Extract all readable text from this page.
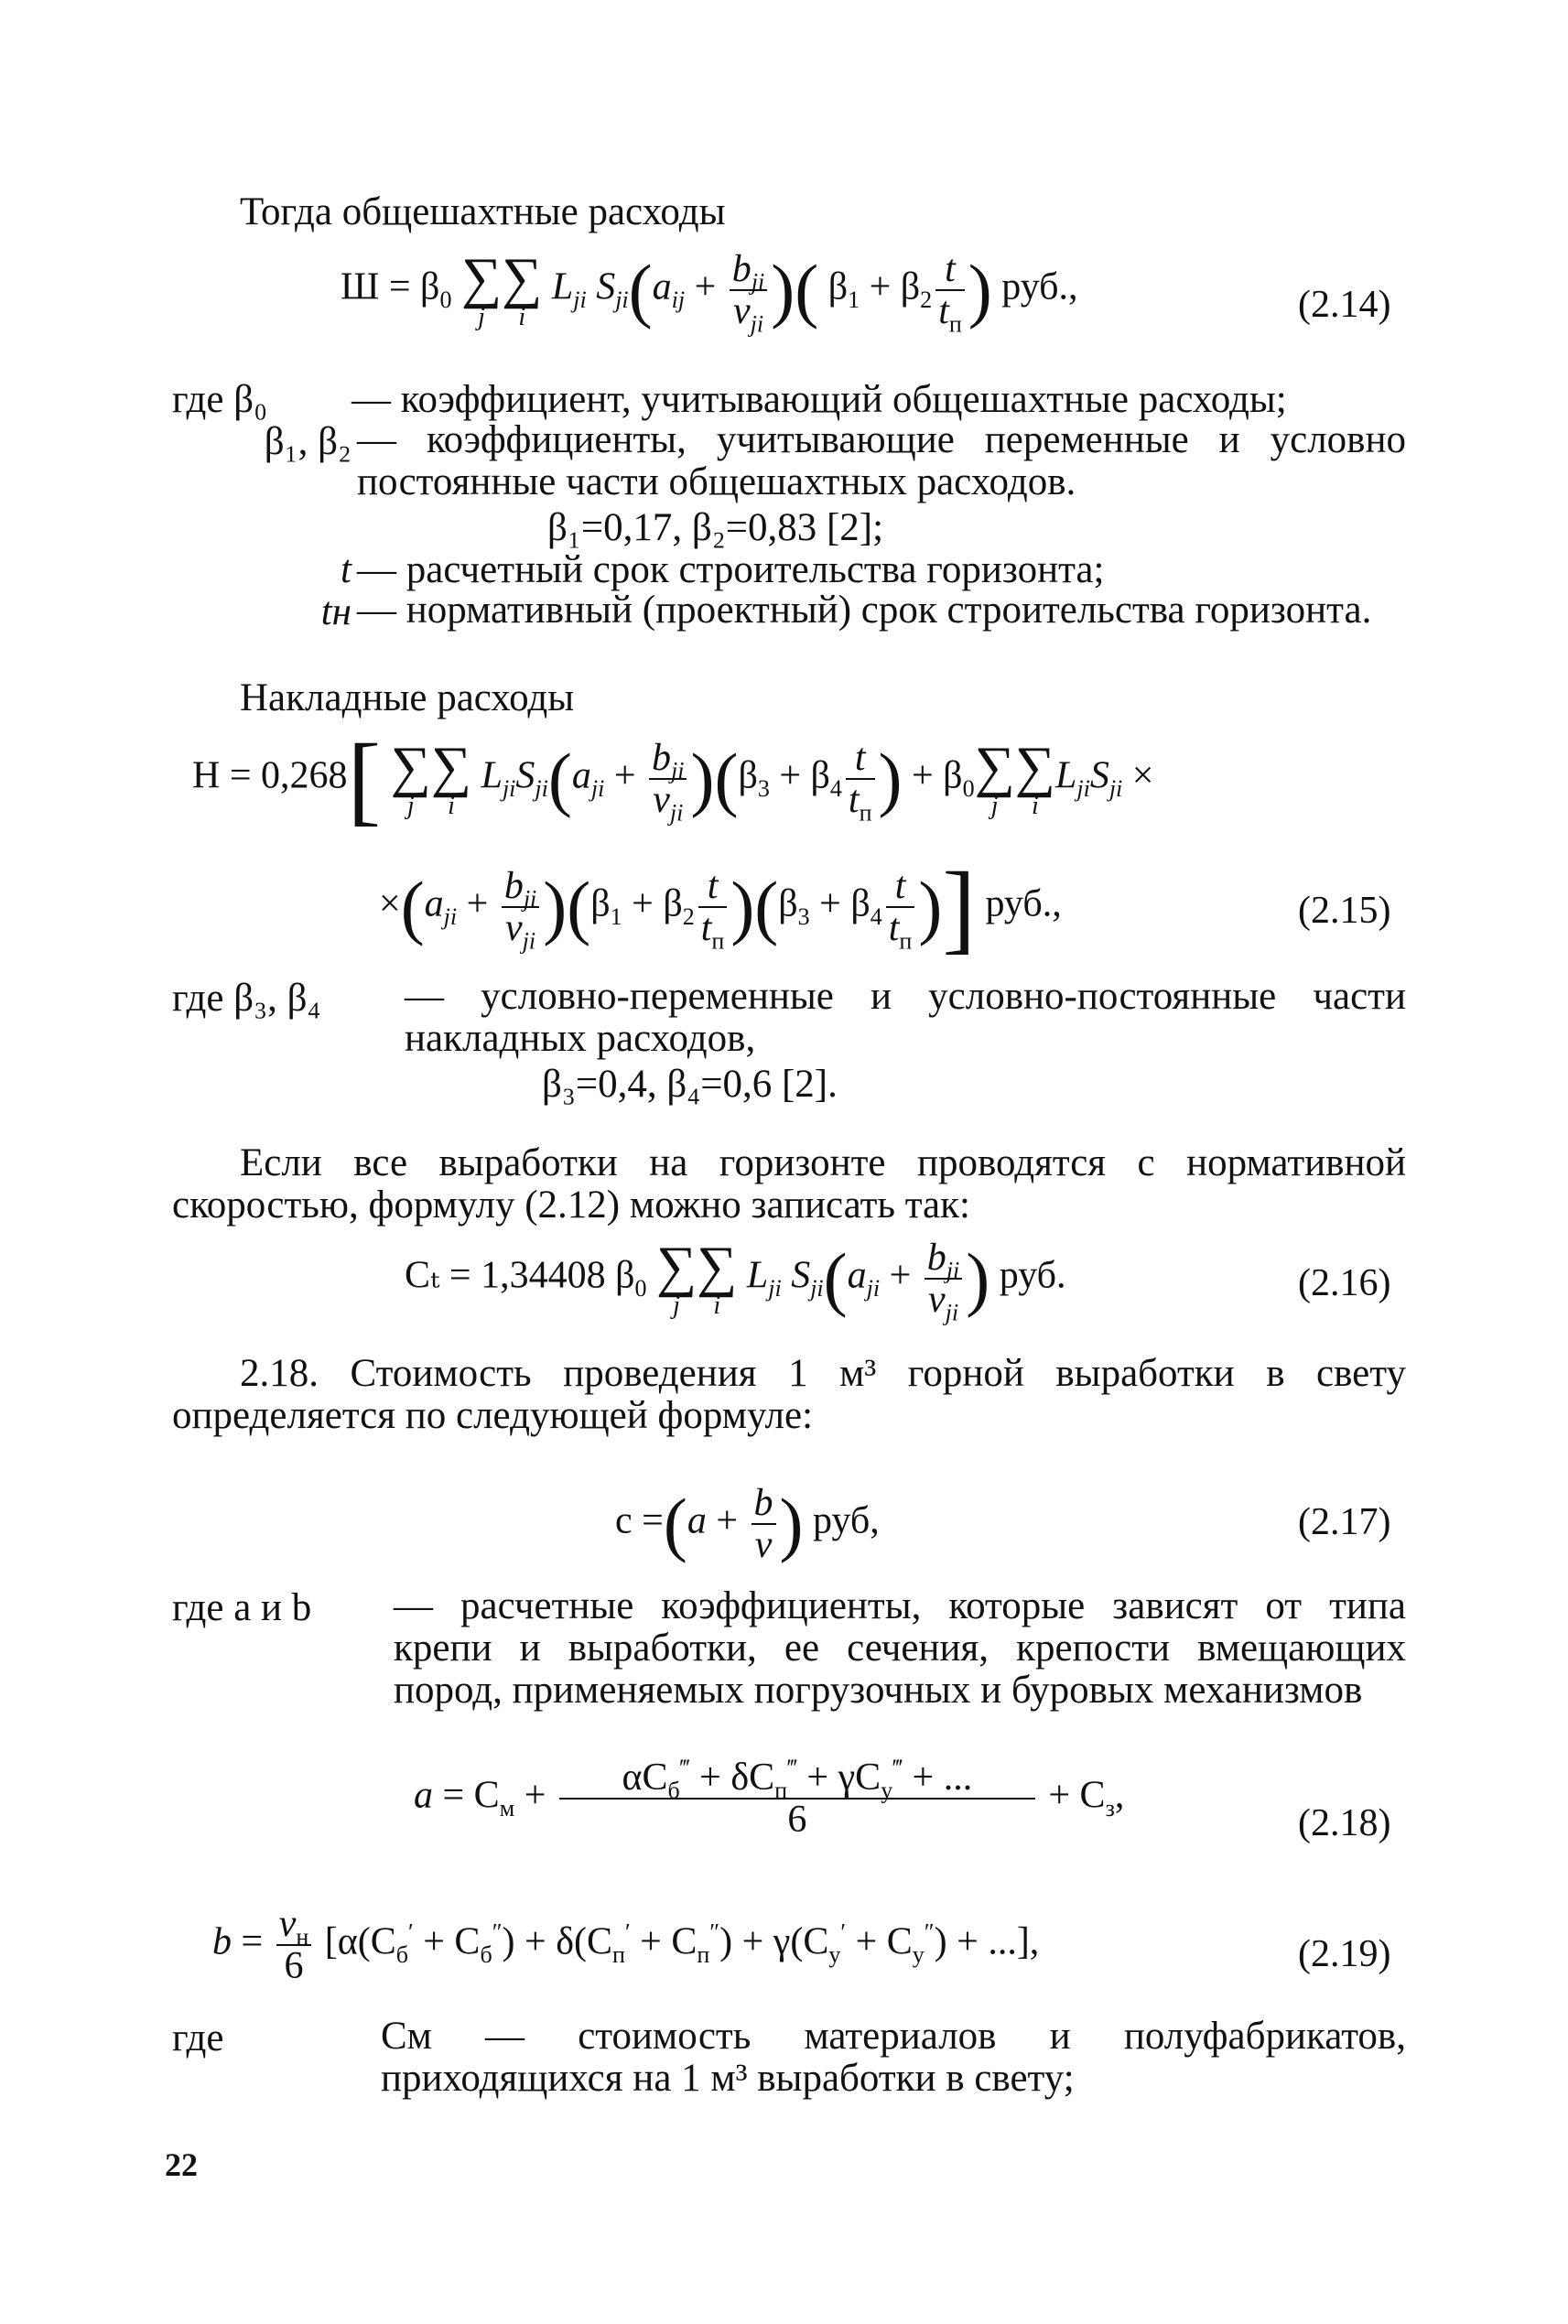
Тогда общешахтные расходы
$Ш = \beta_0$ ∑
j
∑
i
$L_{ji}$ $S_{ji}(a_{ij} + \frac{b_{ji}}{v_{ji}}$ )( $\beta_1 + \beta_2 \frac{t}{t_п}$ ) руб.,	(2.14)
где β₀ — коэффициент, учитывающий общешахтные расходы;
β₁, β₂ — коэффициенты, учитывающие переменные и условно постоянные части общешахтных расходов.
β₁=0,17, β₂=0,83 [2];
t — расчетный срок строительства горизонта;
tн — нормативный (проектный) срок строительства горизонта.
Накладные расходы
Н = 0,268[ ∑
j
∑
i
$L_{ji}S_{ji}(a_{ji} + \frac{b_{ji}}{v_{ji}} )(\beta_3 + \beta_4 \frac{t}{t_п}$ ) + $\beta_0$ ∑
j
∑
i
$L_{ji}S_{ji}$ ×
$\times(a_{ji} + \frac{b_{ji}}{v_{ji}} )(\beta_1 + \beta_2 \frac{t}{t_п} )(\beta_3 + \beta_4 \frac{t}{t_п}$ )] руб.,	(2.15)
где β₃, β₄	— условно-переменные и условно-постоянные части накладных расходов,
β₃=0,4, β₄=0,6 [2].
Если все выработки на горизонте проводятся с нормативной скоростью, формулу (2.12) можно записать так:
Cₜ = 1,34408 $\beta_0$ ∑
j
∑
i
$L_{ji}$ $S_{ji}(a_{ji} + \frac{b_{ji}}{v_{ji}}$ ) руб.	(2.16)
2.18. Стоимость проведения 1 м³ горной выработки в свету определяется по следующей формуле:
$c =(a + \frac{b}{v}$ ) руб,	(2.17)
где a и b	— расчетные коэффициенты, которые зависят от типа крепи и выработки, ее сечения, крепости вмещающих пород, применяемых погрузочных и буровых механизмов
$a = C_м + \frac{\alpha C_б^‴ + \delta C_п^‴ + \gamma C_у^‴ + ...}{6} + C_з$,
(2.18)
$b = \frac{v_н}{6} [\alpha(C_б' + C_б'') + \delta(C_п' + C_п'') + \gamma(C_у' + C_у'')$ + ...],	(2.19)
где	Cм — стоимость материалов и полуфабрикатов, приходящихся на 1 м³ выработки в свету;
22
